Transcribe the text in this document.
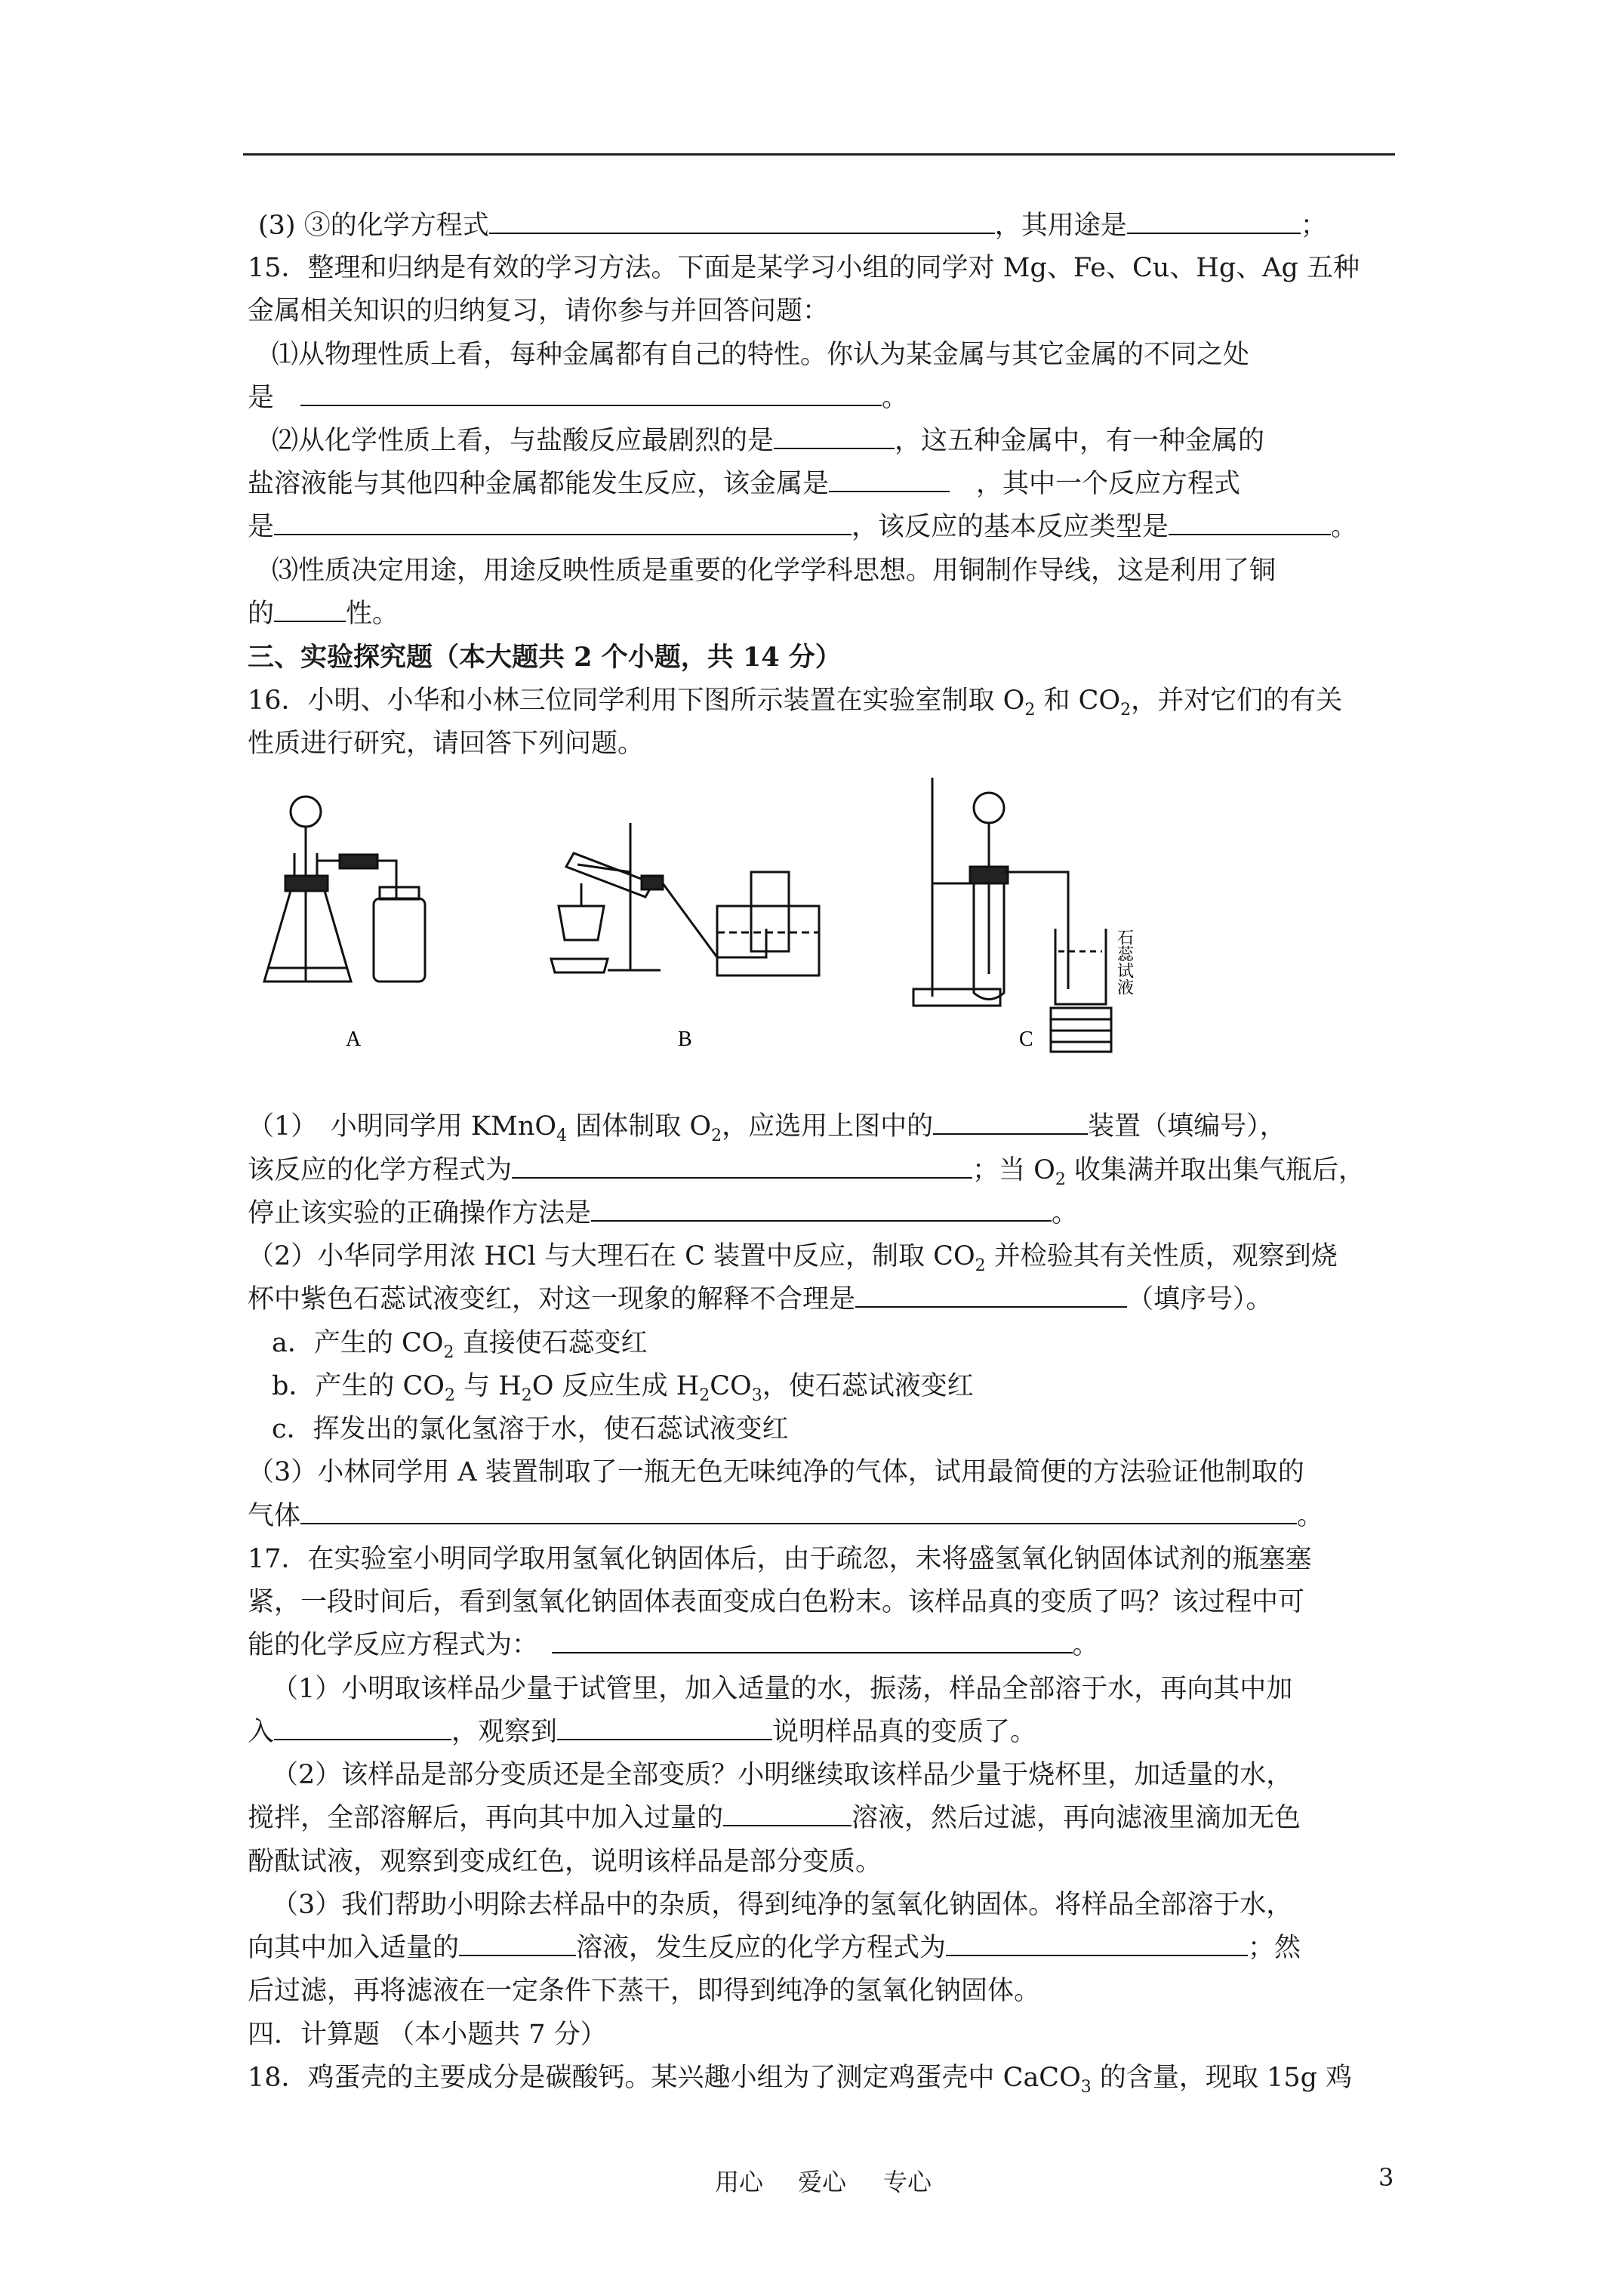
(3) ③的化学方程式	，其用途是	；
15．整理和归纳是有效的学习方法。下面是某学习小组的同学对 Mg、Fe、Cu、Hg、Ag 五种
金属相关知识的归纳复习，请你参与并回答问题：
⑴从物理性质上看，每种金属都有自己的特性。你认为某金属与其它金属的不同之处
是　	。
⑵从化学性质上看，与盐酸反应最剧烈的是	，这五种金属中，有一种金属的
盐溶液能与其他四种金属都能发生反应，该金属是　	，其中一个反应方程式
是	，该反应的基本反应类型是	。
⑶性质决定用途，用途反映性质是重要的化学学科思想。用铜制作导线，这是利用了铜
的	性。
三、实验探究题（本大题共 2 个小题，共 14 分）
16．小明、小华和小林三位同学利用下图所示装置在实验室制取 $O_2$ 和 $CO_2$，并对它们的有关
性质进行研究，请回答下列问题。
A	B	C
石蕊试液
（1）　小明同学用 KMnO$_4$ 固体制取 $O_2$，应选用上图中的	装置（填编号），
该反应的化学方程式为	；当 $O_2$ 收集满并取出集气瓶后，
停止该实验的正确操作方法是	。
（2）小华同学用浓 HCl 与大理石在 C 装置中反应，制取 $CO_2$ 并检验其有关性质，观察到烧
杯中紫色石蕊试液变红，对这一现象的解释不合理是	（填序号）。
a．产生的 $CO_2$ 直接使石蕊变红
b．产生的 $CO_2$ 与 $H_2O$ 反应生成 $H_2CO_3$，使石蕊试液变红
c．挥发出的氯化氢溶于水，使石蕊试液变红
（3）小林同学用 A 装置制取了一瓶无色无味纯净的气体，试用最简便的方法验证他制取的
气体	。
17．在实验室小明同学取用氢氧化钠固体后，由于疏忽，未将盛氢氧化钠固体试剂的瓶塞塞
紧，一段时间后，看到氢氧化钠固体表面变成白色粉末。该样品真的变质了吗？该过程中可
能的化学反应方程式为：　	。
（1）小明取该样品少量于试管里，加入适量的水，振荡，样品全部溶于水，再向其中加
入	，观察到	说明样品真的变质了。
（2）该样品是部分变质还是全部变质？小明继续取该样品少量于烧杯里，加适量的水，
搅拌，全部溶解后，再向其中加入过量的	溶液，然后过滤，再向滤液里滴加无色
酚酞试液，观察到变成红色，说明该样品是部分变质。
（3）我们帮助小明除去样品中的杂质，得到纯净的氢氧化钠固体。将样品全部溶于水，
向其中加入适量的	溶液，发生反应的化学方程式为	；然
后过滤，再将滤液在一定条件下蒸干，即得到纯净的氢氧化钠固体。
四．计算题 （本小题共 7 分）
18．鸡蛋壳的主要成分是碳酸钙。某兴趣小组为了测定鸡蛋壳中 CaCO$_3$ 的含量，现取 15g 鸡
用心 爱心 专心	3
